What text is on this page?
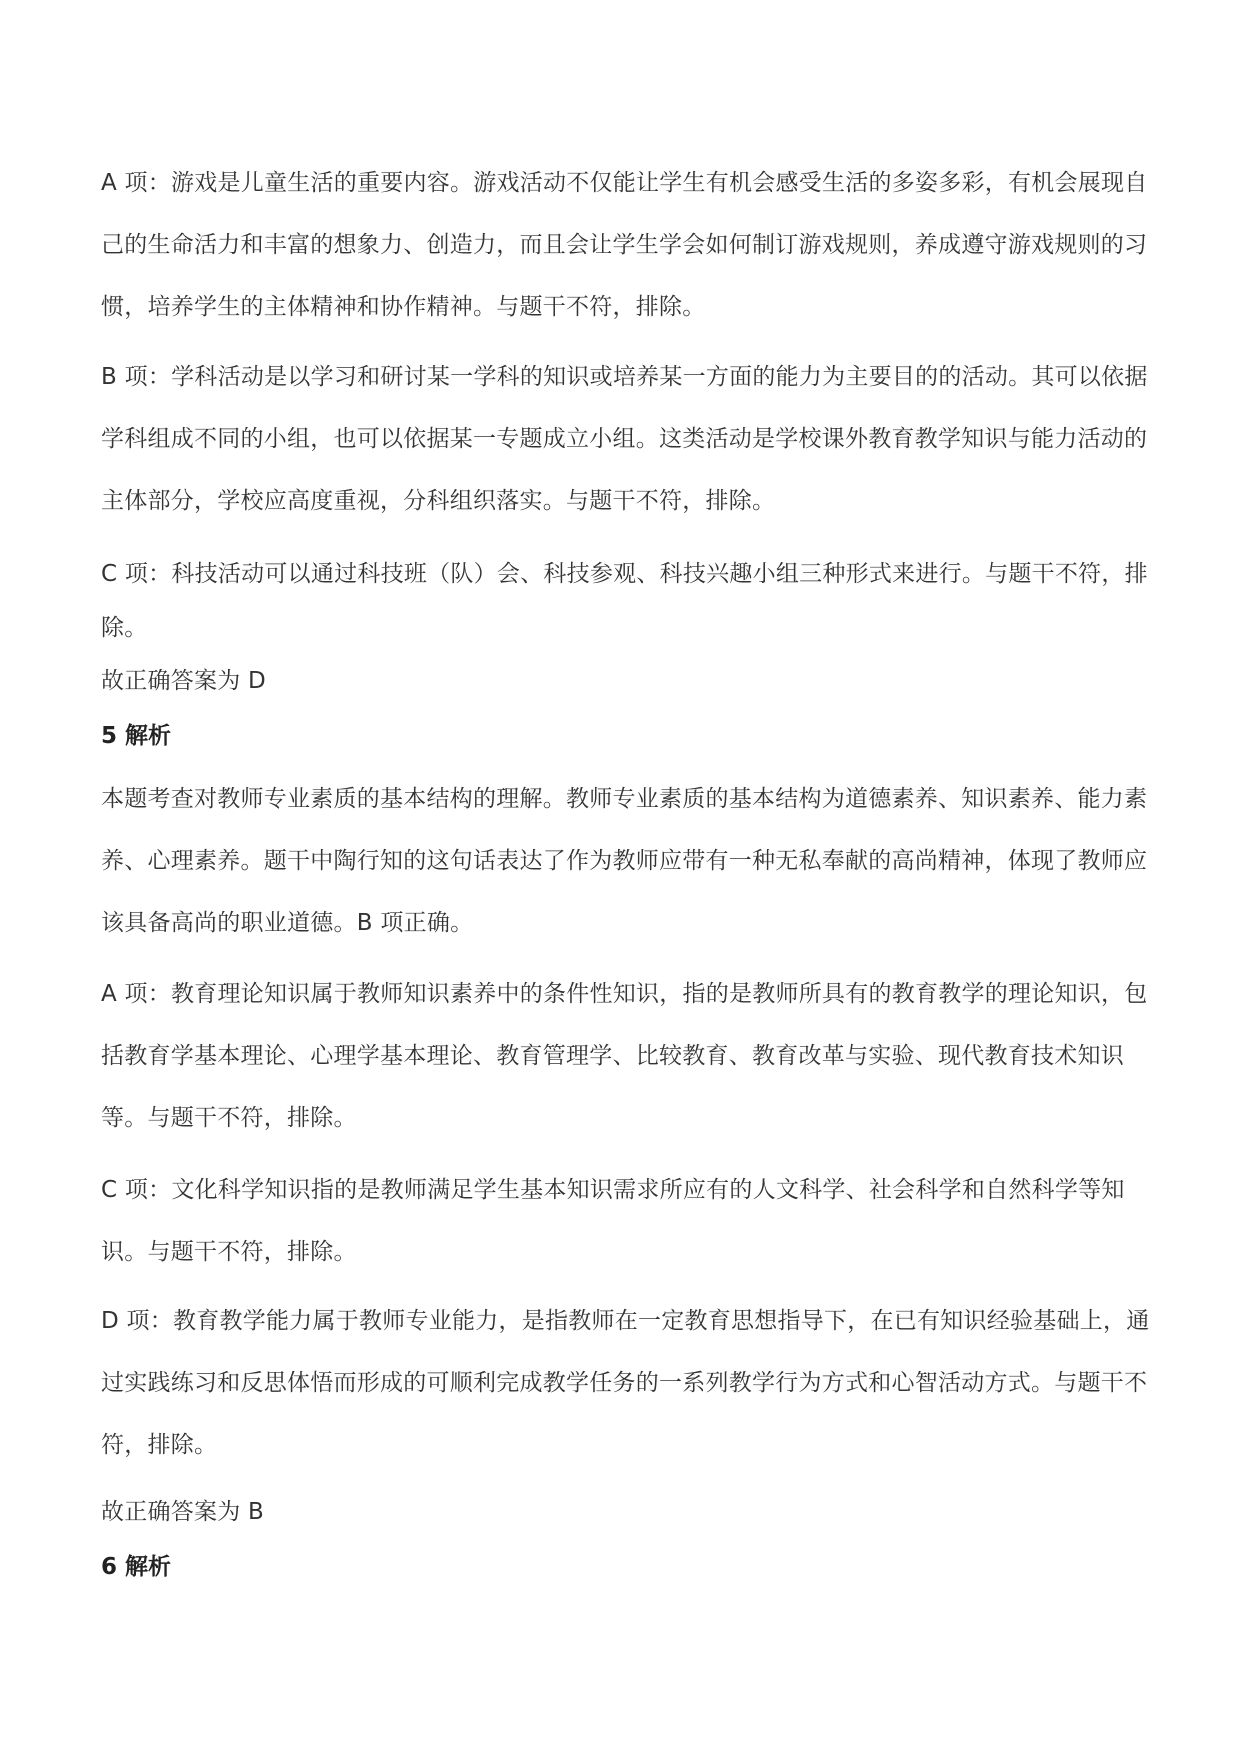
A 项：游戏是儿童生活的重要内容。游戏活动不仅能让学生有机会感受生活的多姿多彩，有机会展现自己的生命活力和丰富的想象力、创造力，而且会让学生学会如何制订游戏规则，养成遵守游戏规则的习惯，培养学生的主体精神和协作精神。与题干不符，排除。

B 项：学科活动是以学习和研讨某一学科的知识或培养某一方面的能力为主要目的的活动。其可以依据学科组成不同的小组，也可以依据某一专题成立小组。这类活动是学校课外教育教学知识与能力活动的主体部分，学校应高度重视，分科组织落实。与题干不符，排除。

C 项：科技活动可以通过科技班（队）会、科技参观、科技兴趣小组三种形式来进行。与题干不符，排除。

故正确答案为 D

5 解析

本题考查对教师专业素质的基本结构的理解。教师专业素质的基本结构为道德素养、知识素养、能力素养、心理素养。题干中陶行知的这句话表达了作为教师应带有一种无私奉献的高尚精神，体现了教师应该具备高尚的职业道德。B 项正确。

A 项：教育理论知识属于教师知识素养中的条件性知识，指的是教师所具有的教育教学的理论知识，包括教育学基本理论、心理学基本理论、教育管理学、比较教育、教育改革与实验、现代教育技术知识等。与题干不符，排除。

C 项：文化科学知识指的是教师满足学生基本知识需求所应有的人文科学、社会科学和自然科学等知识。与题干不符，排除。

D 项：教育教学能力属于教师专业能力，是指教师在一定教育思想指导下，在已有知识经验基础上，通过实践练习和反思体悟而形成的可顺利完成教学任务的一系列教学行为方式和心智活动方式。与题干不符，排除。

故正确答案为 B

6 解析
